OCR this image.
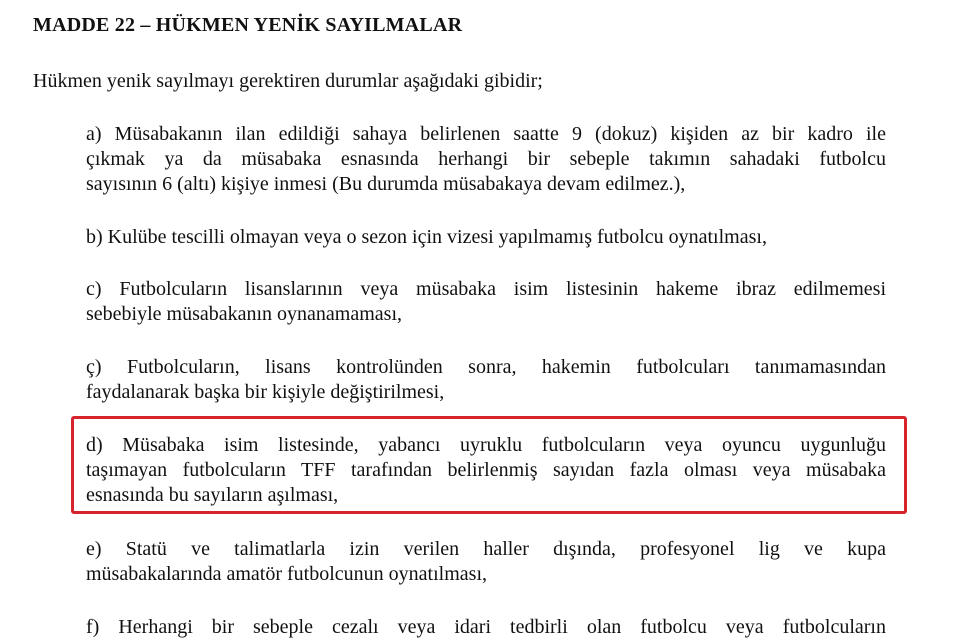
MADDE 22 – HÜKMEN YENİK SAYILMALAR
Hükmen yenik sayılmayı gerektiren durumlar aşağıdaki gibidir;

a) Müsabakanın ilan edildiği sahaya belirlenen saatte 9 (dokuz) kişiden az bir kadro ile
çıkmak ya da müsabaka esnasında herhangi bir sebeple takımın sahadaki futbolcu
sayısının 6 (altı) kişiye inmesi (Bu durumda müsabakaya devam edilmez.),

b) Kulübe tescilli olmayan veya o sezon için vizesi yapılmamış futbolcu oynatılması,

c) Futbolcuların lisanslarının veya müsabaka isim listesinin hakeme ibraz edilmemesi
sebebiyle müsabakanın oynanamaması,

ç) Futbolcuların, lisans kontrolünden sonra, hakemin futbolcuları tanımamasından
faydalanarak başka bir kişiyle değiştirilmesi,

d) Müsabaka isim listesinde, yabancı uyruklu futbolcuların veya oyuncu uygunluğu
taşımayan futbolcuların TFF tarafından belirlenmiş sayıdan fazla olması veya müsabaka
esnasında bu sayıların aşılması,

e) Statü ve talimatlarla izin verilen haller dışında, profesyonel lig ve kupa
müsabakalarında amatör futbolcunun oynatılması,

f) Herhangi bir sebeple cezalı veya idari tedbirli olan futbolcu veya futbolcuların
